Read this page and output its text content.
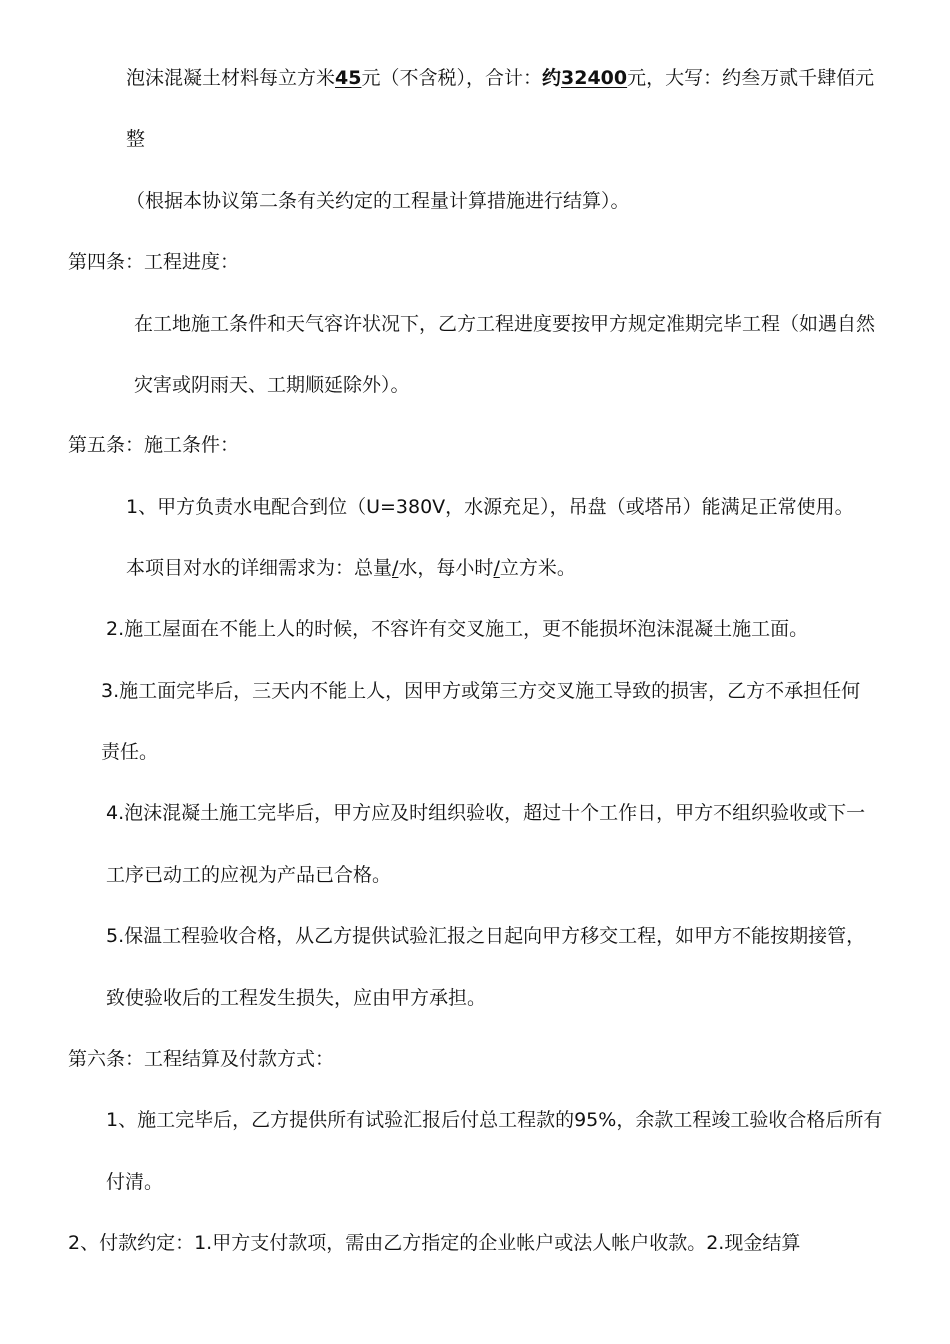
泡沫混凝土材料每立方米45元（不含税），合计：约32400元，大写：约叁万贰千肆佰元
整
（根据本协议第二条有关约定的工程量计算措施进行结算）。
第四条：工程进度：
在工地施工条件和天气容许状况下，乙方工程进度要按甲方规定准期完毕工程（如遇自然
灾害或阴雨天、工期顺延除外）。
第五条：施工条件：
1、甲方负责水电配合到位（U=380V，水源充足），吊盘（或塔吊）能满足正常使用。
本项目对水的详细需求为：总量/水，每小时/立方米。
2.施工屋面在不能上人的时候，不容许有交叉施工，更不能损坏泡沫混凝土施工面。
3.施工面完毕后，三天内不能上人，因甲方或第三方交叉施工导致的损害，乙方不承担任何
责任。
4.泡沫混凝土施工完毕后，甲方应及时组织验收，超过十个工作日，甲方不组织验收或下一
工序已动工的应视为产品已合格。
5.保温工程验收合格，从乙方提供试验汇报之日起向甲方移交工程，如甲方不能按期接管，
致使验收后的工程发生损失，应由甲方承担。
第六条：工程结算及付款方式：
1、施工完毕后，乙方提供所有试验汇报后付总工程款的95%，余款工程竣工验收合格后所有
付清。
2、付款约定：1.甲方支付款项，需由乙方指定的企业帐户或法人帐户收款。2.现金结算
